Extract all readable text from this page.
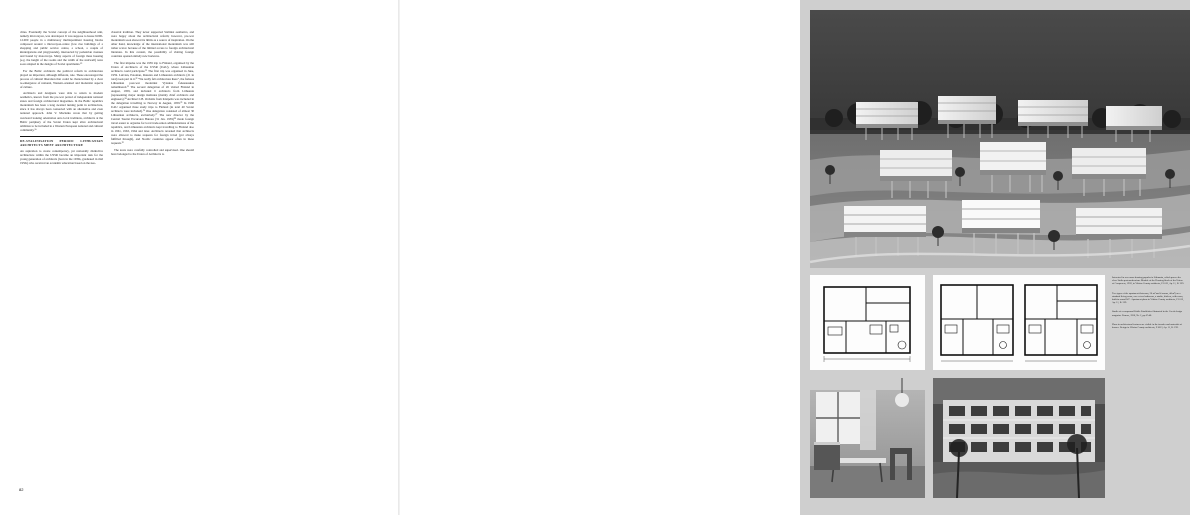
cities. Eventually the Soviet concept of the neighbourhood unit, namely microrayon, was developed. It was suppose to house 9.000-12.000 people in a multistorey multiapartment housing blocks composed around a microrayon-centre (low rise buildings of a shopping and public service centre, a school, a couple of kindergartens and playgrounds), intersected by pedestrian avenues and bound by motorways. Many aspects of foreign mass housing (e.g. the height of the rooms and the width of the stairwell) were soon adapted in the designs of Soviet apartments.¹⁹

For the Baltic architects the political reform in architecture played an important, although different, role. These encouraged the process of cultural liberation that could be characterised by a clear re-emergence of national, Western-oriented and modernist aspects of culture.

Architects and designers were able to return to modern aesthetics, known from the pre-war period of independent national states and foreign architectural magazines. In the Baltic republics modernism has been a long awaited turning point in architecture, since it has always been connected with an alternative and even national approach. John V. Maciuika wrote that by getting westward looking orientation onto local traditions, architects at the Baltic periphery of the Soviet Union kept alive architectural ambition to be included in a Western European national and cultural community.²⁰

DE-STALINISATION PERIOD: LITHUANIAN ARCHITECTS MEET ARCHITECTURE

An aspiration to create contemporary, yet nationally distinctive architecture within the USSR became an important task for the young generation of architects (born in the 1930s, graduated in mid 1950s) who received an academic education based on the neo-

classical tradition. They never supported Stalinist aesthetics, and were happy about the architectural reform; however, pre-war modernism soon showed its limits as a source of inspiration. On the other hand, knowledge of the international modernism was still rather scarce because of the limited access to foreign architectural literature. In this context, the possibility of visiting foreign countries opened entirely new horizons.

The first impulse was the 1959 trip to Finland, organised by the Union of Architects of the USSR (UAU), where Lithuanian architects could participate.²¹ The first trip was organised in June, 1959. Lutvian, Estonian, Russian and Lithuanian architects (21 in total) took part in it.²² "We really felt architecture there", the famous Lithuanian post-war modernist Vytautas Čekanauskas remembered.²³ The second delegation of 26 visited Finland in August, 1959, and included 6 architects from Lithuania (representing major design institutes (mainly chief architects and engineers).²⁴ Architect I.B. Ovdušis from Klaipėda was included in the delegation travelling to Norway in August, 1959.²⁵ In 1960 UAU organised three study trips to Finland (in total 40 Soviet architects were included).²⁶ One delegation consisted of almost 30 Lithuanian architects, exclusively.²⁷ The new director by the Central Tourist Excursion Bureau (31 Jan. 1959)²⁸ made foreign travel easier to organise for local trade-union administrations of the republics, and Lithuanian architects kept travelling to Finland also in 1961, 1963, 1964 and later. Architects revealed that architects were allowed to make requests for foreign travel (yet always fulfilled through), and Nordic countries appear often in these requests.²⁹

The tours were carefully controlled and supervised. One should have belonged to the Union of Architects to

82

Interested in new mass housing popular in Lithuania, which proves the close Stalin post-modernism. Module of the Housing block of the Union of Composers, 1959, in Vilnius County architects, F.1013, Ap. 11, B. 239.

Two types of the apartment flat-room, 20 m² and 4 rooms, 44 m²) on a standard living room, one or two bathroom, a studio, kitchen, with room, built-in sound WC. Apartment plans in Vilnius County architects, F.1013, Ap. 11, B. 239.

Studio of a compound Public Establisher illustrated in the Czech design magazine Domov, 1958, Nr. 2, pp 47-48.

Plans in architectural features are visible in the facades and materials of houses. Design in Vilnius County architects, F.1013, Ap. 11, B. 239.
